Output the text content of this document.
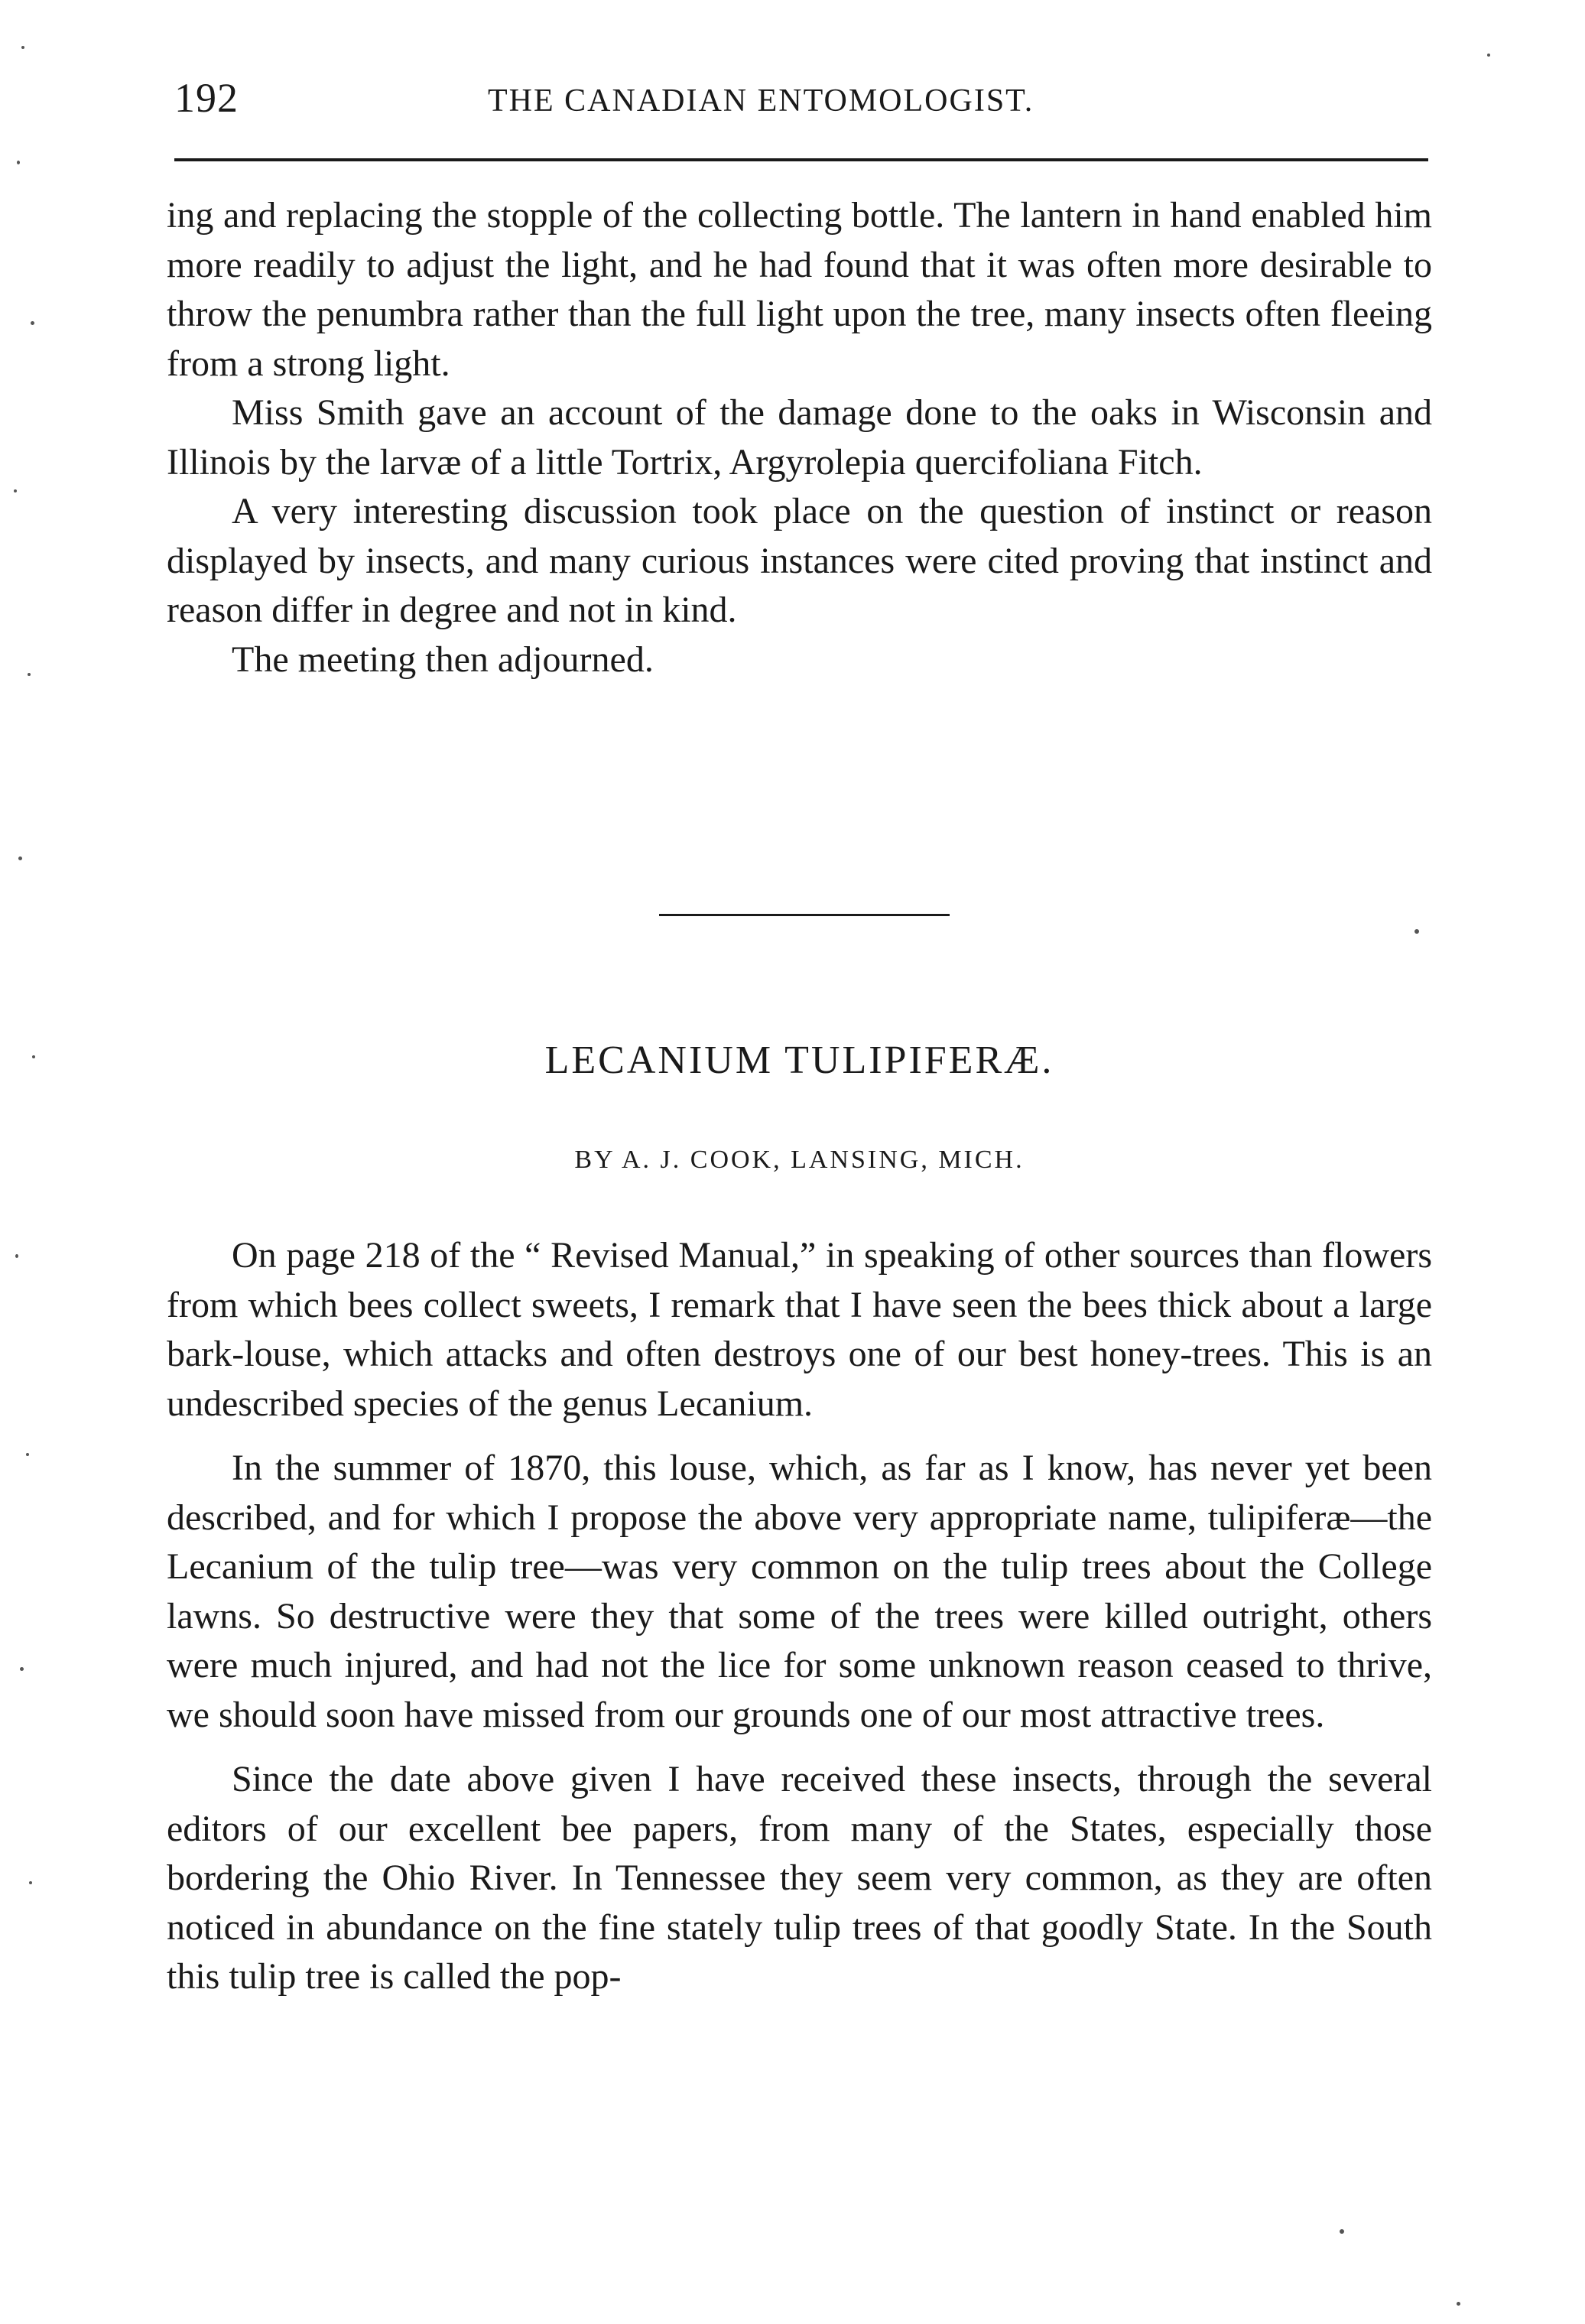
192	THE CANADIAN ENTOMOLOGIST.

ing and replacing the stopple of the collecting bottle. The lantern in hand enabled him more readily to adjust the light, and he had found that it was often more desirable to throw the penumbra rather than the full light upon the tree, many insects often fleeing from a strong light.

Miss Smith gave an account of the damage done to the oaks in Wisconsin and Illinois by the larvæ of a little Tortrix, Argyrolepia quercifoliana Fitch.

A very interesting discussion took place on the question of instinct or reason displayed by insects, and many curious instances were cited proving that instinct and reason differ in degree and not in kind.

The meeting then adjourned.

LECANIUM TULIPIFERÆ.
BY A. J. COOK, LANSING, MICH.

On page 218 of the “ Revised Manual,” in speaking of other sources than flowers from which bees collect sweets, I remark that I have seen the bees thick about a large bark-louse, which attacks and often destroys one of our best honey-trees. This is an undescribed species of the genus Lecanium.

In the summer of 1870, this louse, which, as far as I know, has never yet been described, and for which I propose the above very appropriate name, tulipiferæ—the Lecanium of the tulip tree—was very common on the tulip trees about the College lawns. So destructive were they that some of the trees were killed outright, others were much injured, and had not the lice for some unknown reason ceased to thrive, we should soon have missed from our grounds one of our most attractive trees.

Since the date above given I have received these insects, through the several editors of our excellent bee papers, from many of the States, especially those bordering the Ohio River. In Tennessee they seem very common, as they are often noticed in abundance on the fine stately tulip trees of that goodly State. In the South this tulip tree is called the pop-
